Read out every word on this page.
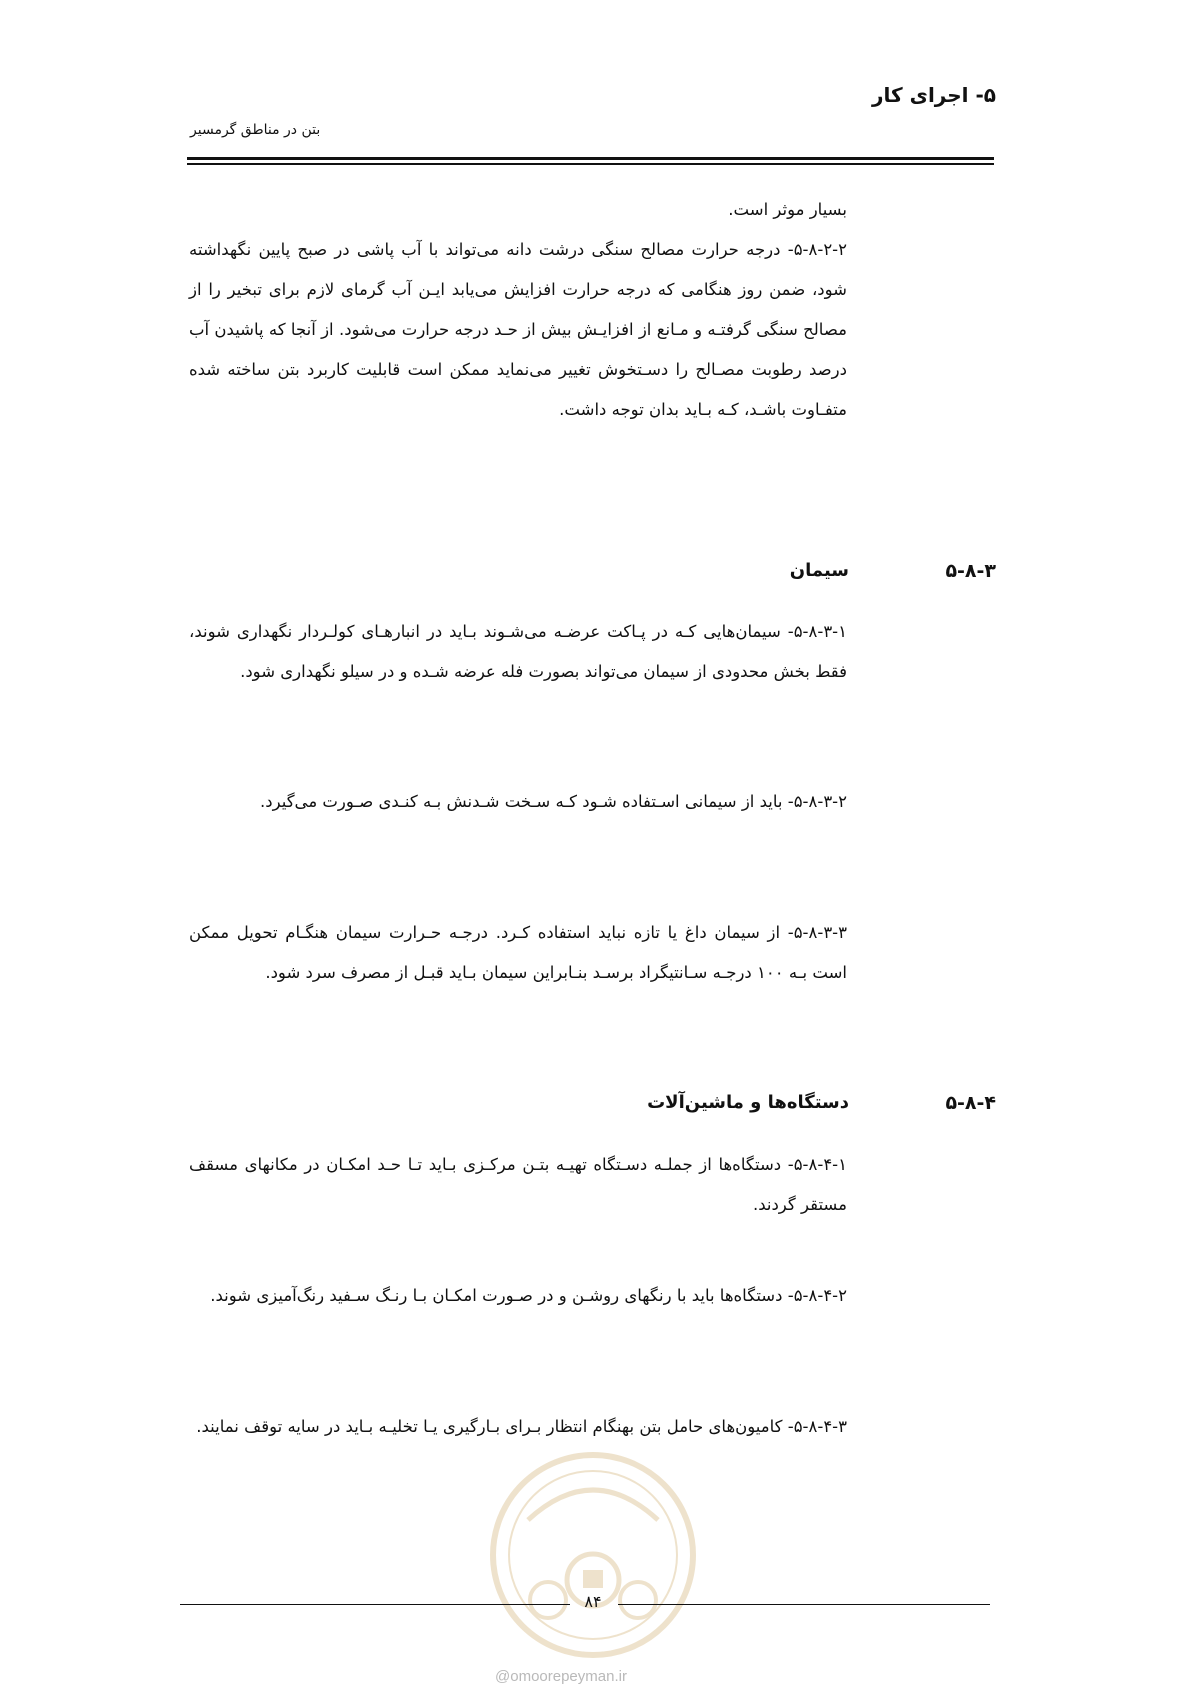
۵- اجرای کار
بتن در مناطق گرمسیر
بسیار موثر است.
۵-۸-۲-۲- درجه حرارت مصالح سنگی درشت دانه می‌تواند با آب پاشی در صبح پایین نگهداشته شود، ضمن روز هنگامی که درجه حرارت افزایش می‌یابد ایـن آب گرمای لازم برای تبخیر را از مصالح سنگی گرفتـه و مـانع از افزایـش بیش از حـد درجه حرارت می‌شود. از آنجا که پاشیدن آب درصد رطوبت مصـالح را دسـتخوش تغییر می‌نماید ممکن است قابلیت کاربرد بتن ساخته شده متفـاوت باشـد، کـه بـاید بدان توجه داشت.
۵-۸-۳
سیمان
۵-۸-۳-۱- سیمان‌هایی کـه در پـاکت عرضـه می‌شـوند بـاید در انبارهـای کولـردار نگهداری شوند، فقط بخش محدودی از سیمان می‌تواند بصورت فله عرضه شـده و در سیلو نگهداری شود.
۵-۸-۳-۲- باید از سیمانی اسـتفاده شـود کـه سـخت شـدنش بـه کنـدی صـورت می‌گیرد.
۵-۸-۳-۳- از سیمان داغ یا تازه نباید استفاده کـرد. درجـه حـرارت سیمان هنگـام تحویل ممکن است بـه ۱۰۰ درجـه سـانتیگراد برسـد بنـابراین سیمان بـاید قبـل از مصرف سرد شود.
۵-۸-۴
دستگاه‌ها و ماشین‌آلات
۵-۸-۴-۱- دستگاه‌ها از جملـه دسـتگاه تهیـه بتـن مرکـزی بـاید تـا حـد امکـان در مکانهای مسقف مستقر گردند.
۵-۸-۴-۲- دستگاه‌ها باید با رنگهای روشـن و در صـورت امکـان بـا رنـگ سـفید رنگ‌آمیزی شوند.
۵-۸-۴-۳- کامیون‌های حامل بتن بهنگام انتظار بـرای بـارگیری یـا تخلیـه بـاید در سایه توقف نمایند.
۸۴
@omoorepeyman.ir
